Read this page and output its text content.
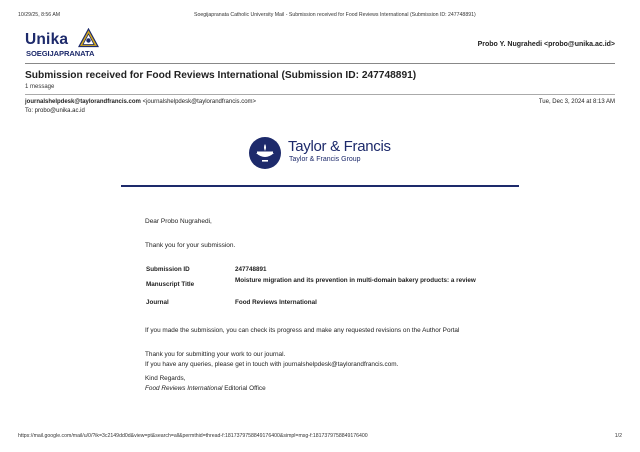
10/29/25, 8:56 AM	Soegijapranata Catholic University Mail - Submission received for Food Reviews International (Submission ID: 247748891)
Unika
SOEGIJAPRANATA
Probo Y. Nugrahedi <probo@unika.ac.id>
Submission received for Food Reviews International (Submission ID: 247748891)
1 message
journalshelpdesk@taylorandfrancis.com <journalshelpdesk@taylorandfrancis.com>	Tue, Dec 3, 2024 at 8:13 AM
To: probo@unika.ac.id
Taylor & Francis
Taylor & Francis Group
Dear Probo Nugrahedi,
Thank you for your submission.
Submission ID	247748891
Manuscript Title	Moisture migration and its prevention in multi-domain bakery products: a review
Journal	Food Reviews International
If you made the submission, you can check its progress and make any requested revisions on the Author Portal
Thank you for submitting your work to our journal.
If you have any queries, please get in touch with journalshelpdesk@taylorandfrancis.com.
Kind Regards,
Food Reviews International Editorial Office
https://mail.google.com/mail/u/0/?ik=3c2149dd0d&view=pt&search=all&permthid=thread-f:1817379758849176400&simpl=msg-f:1817379758849176400	1/2
